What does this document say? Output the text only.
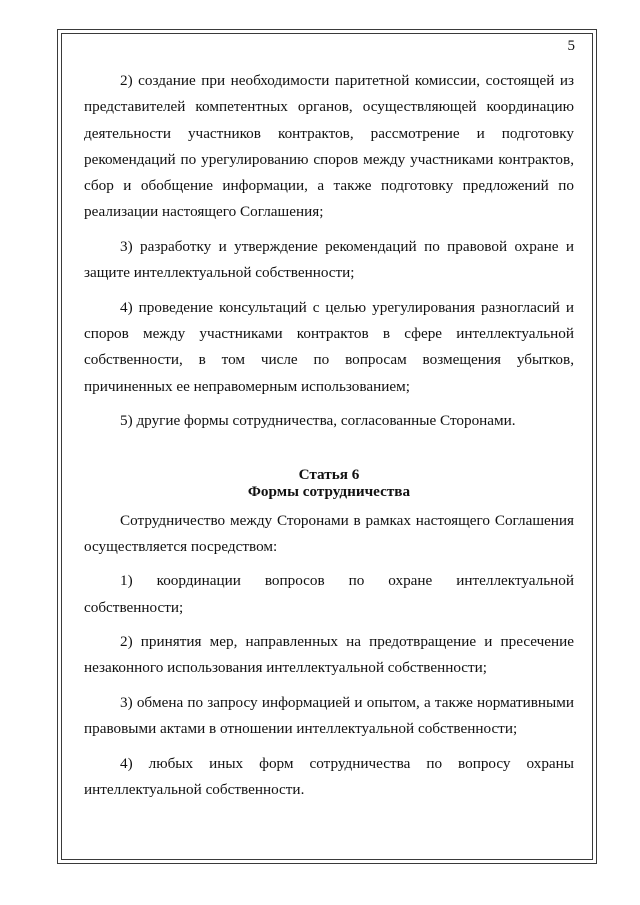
5

2) создание при необходимости паритетной комиссии, состоящей из представителей компетентных органов, осуществляющей координацию деятельности участников контрактов, рассмотрение и подготовку рекомендаций по урегулированию споров между участниками контрактов, сбор и обобщение информации, а также подготовку предложений по реализации настоящего Соглашения;

3) разработку и утверждение рекомендаций по правовой охране и защите интеллектуальной собственности;

4) проведение консультаций с целью урегулирования разногласий и споров между участниками контрактов в сфере интеллектуальной собственности, в том числе по вопросам возмещения убытков, причиненных ее неправомерным использованием;

5) другие формы сотрудничества, согласованные Сторонами.

Статья 6
Формы сотрудничества

Сотрудничество между Сторонами в рамках настоящего Соглашения осуществляется посредством:

1) координации вопросов по охране интеллектуальной собственности;

2) принятия мер, направленных на предотвращение и пресечение незаконного использования интеллектуальной собственности;

3) обмена по запросу информацией и опытом, а также нормативными правовыми актами в отношении интеллектуальной собственности;

4) любых иных форм сотрудничества по вопросу охраны интеллектуальной собственности.
